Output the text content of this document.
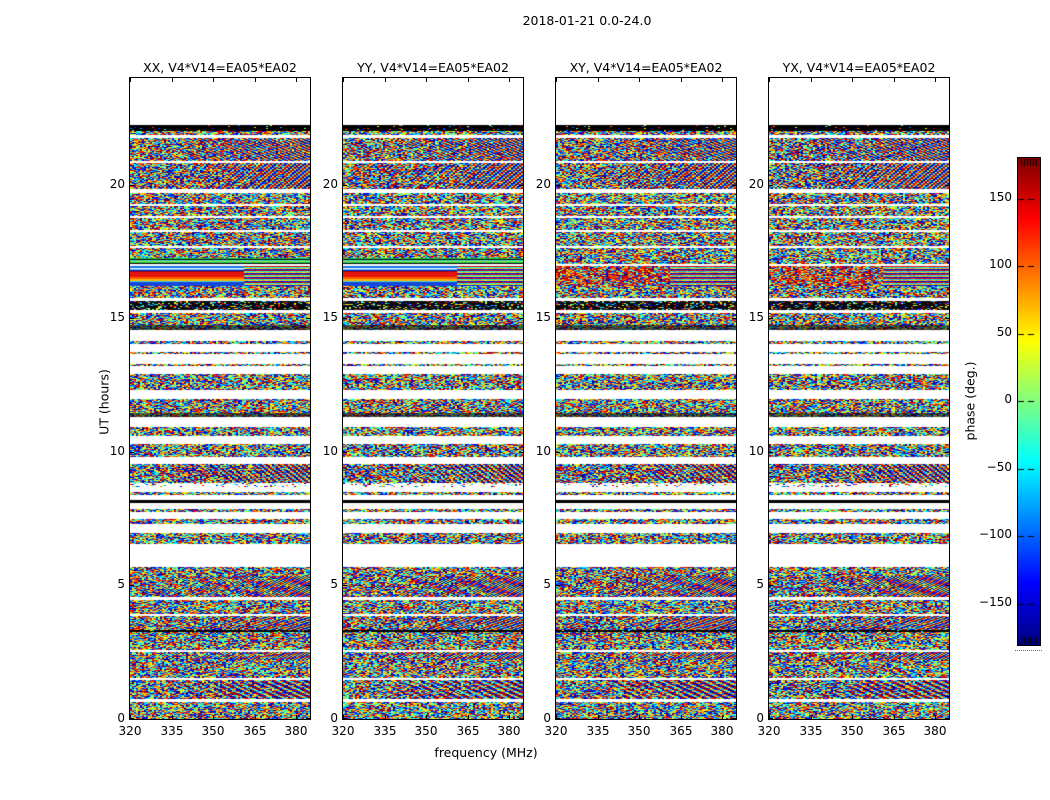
2018-01-21 0.0-24.0
XX, V4*V14=EA05*EA02
320 335 350 365 380
0
5
10
15
20
YY, V4*V14=EA05*EA02
320 335 350 365 380
0
5
10
15
20
XY, V4*V14=EA05*EA02
320 335 350 365 380
0
5
10
15
20
YX, V4*V14=EA05*EA02
320 335 350 365 380
0
5
10
15
20
frequency (MHz)
UT (hours)
150
100
50
0
−50
−100
−150
phase (deg.)
